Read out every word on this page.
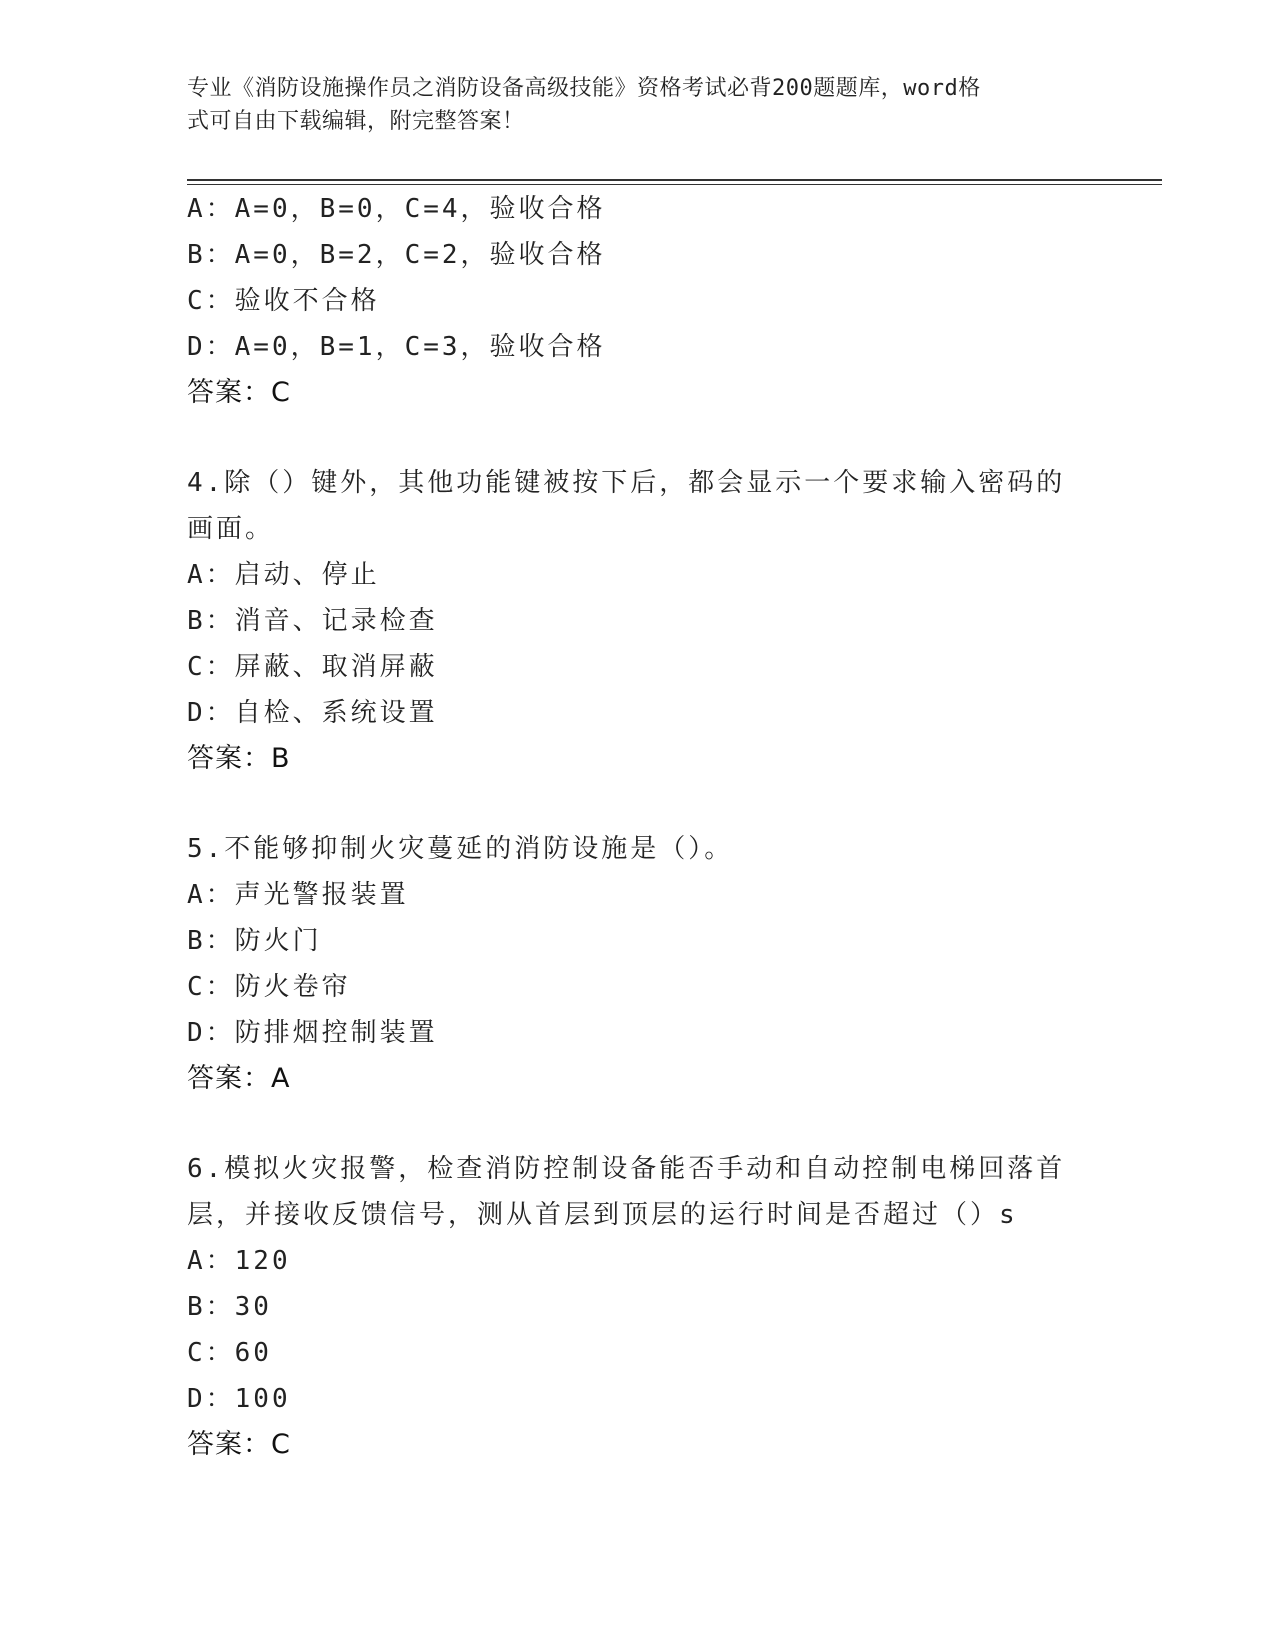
专业《消防设施操作员之消防设备高级技能》资格考试必背200题题库，word格
式可自由下载编辑，附完整答案！
A：A=0，B=0，C=4，验收合格
B：A=0，B=2，C=2，验收合格
C：验收不合格
D：A=0，B=1，C=3，验收合格
答案：C
4.除（）键外，其他功能键被按下后，都会显示一个要求输入密码的
画面。
A：启动、停止
B：消音、记录检查
C：屏蔽、取消屏蔽
D：自检、系统设置
答案：B
5.不能够抑制火灾蔓延的消防设施是（）。
A：声光警报装置
B：防火门
C：防火卷帘
D：防排烟控制装置
答案：A
6.模拟火灾报警，检查消防控制设备能否手动和自动控制电梯回落首
层，并接收反馈信号，测从首层到顶层的运行时间是否超过（）s
A：120
B：30
C：60
D：100
答案：C
